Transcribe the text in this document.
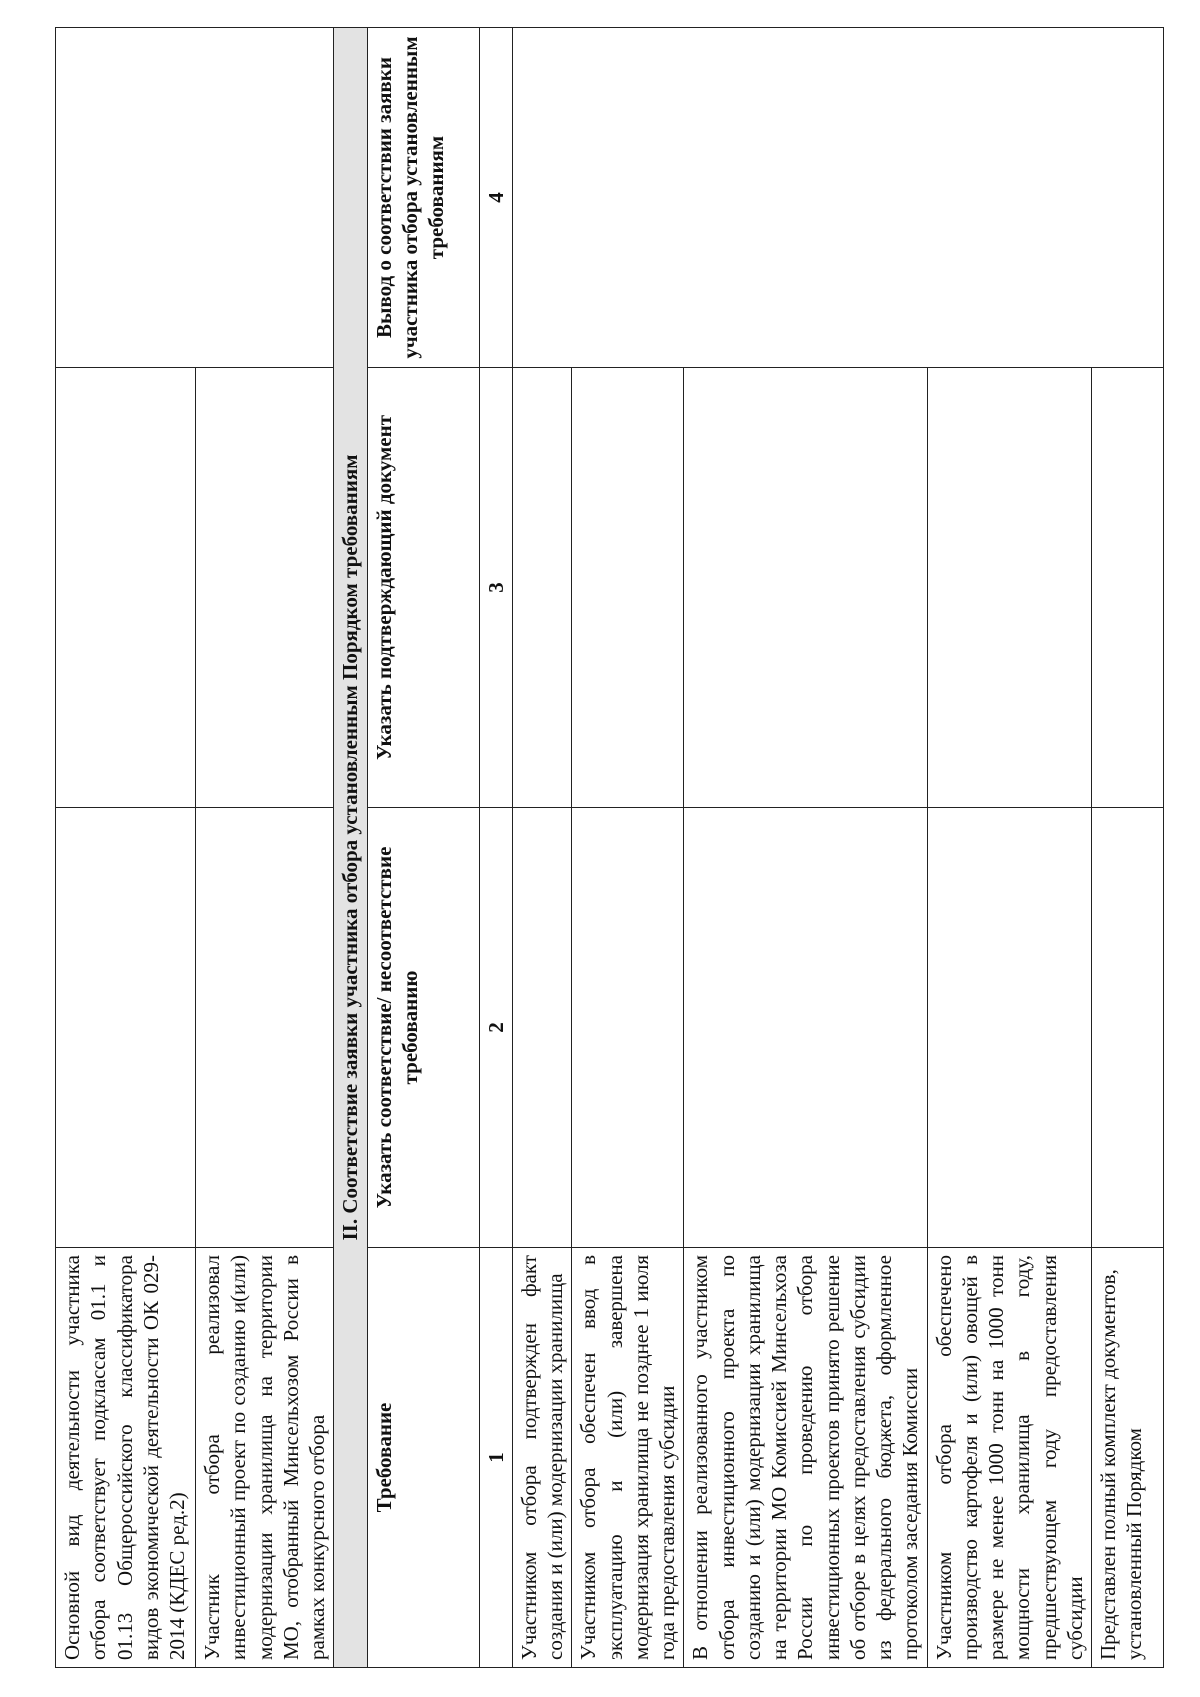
Основной вид деятельности участника отбора соответствует подклассам 01.1 и 01.13 Общероссийского классификатора видов экономической деятельности ОК 029-2014 (КДЕС ред.2)			
Участник отбора реализовал инвестиционный проект по созданию и(или) модернизации хранилища на территории МО, отобранный Минсельхозом России в рамках конкурсного отбора			

II. Соответствие заявки участника отбора установленным Порядком требованиям			
Требование	Указать соответствие/ несоответствие требованию	Указать подтверждающий документ	Вывод о соответствии заявки участника отбора установленным требованиям
1	2	3	4
Участником отбора подтвержден факт создания и (или) модернизации хранилища			
Участником отбора обеспечен ввод в эксплуатацию и (или) завершена модернизация хранилища не позднее 1 июля года предоставления субсидии			
В отношении реализованного участником отбора инвестиционного проекта по созданию и (или) модернизации хранилища на территории МО Комиссией Минсельхоза России по проведению отбора инвестиционных проектов принято решение об отборе в целях предоставления субсидии из федерального бюджета, оформленное протоколом заседания Комиссии			
Участником отбора обеспечено производство картофеля и (или) овощей в размере не менее 1000 тонн на 1000 тонн мощности хранилища в году, предшествующем году предоставления субсидии			
Представлен полный комплект документов, установленный Порядком			
